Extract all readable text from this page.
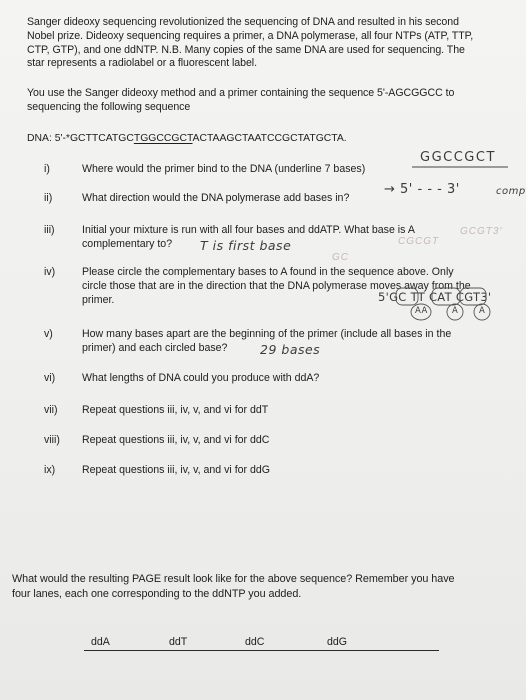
Sanger dideoxy sequencing revolutionized the sequencing of DNA and resulted in his second
Nobel prize. Dideoxy sequencing requires a primer, a DNA polymerase, all four NTPs (ATP, TTP,
CTP, GTP), and one ddNTP. N.B. Many copies of the same DNA are used for sequencing. The
star represents a radiolabel or a fluorescent label.
You use the Sanger dideoxy method and a primer containing the sequence 5'-AGCGGCC to
sequencing the following sequence
DNA: 5'-*GCTTCATGCTGGCCGCTACTAAGCTAATCCGCTATGCTA.
i)	Where would the primer bind to the DNA (underline 7 bases)
ii)	What direction would the DNA polymerase add bases in?
iii)	Initial your mixture is run with all four bases and ddATP. What base is A
complementary to?
iv)	Please circle the complementary bases to A found in the sequence above. Only
circle those that are in the direction that the DNA polymerase moves away from the
primer.
v)	How many bases apart are the beginning of the primer (include all bases in the
primer) and each circled base?
vi)	What lengths of DNA could you produce with ddA?
vii)	Repeat questions iii, iv, v, and vi for ddT
viii)	Repeat questions iii, iv, v, and vi for ddC
ix)	Repeat questions iii, iv, v, and vi for ddG
GGCCGCT
→ 5' - - - 3'	comp
T is first base	CGCGT
GCGT3'
GC
5'GC TT CAT CGT3'
AA	A A
29 bases
What would the resulting PAGE result look like for the above sequence? Remember you have
four lanes, each one corresponding to the ddNTP you added.
ddA	ddT	ddC	ddG
